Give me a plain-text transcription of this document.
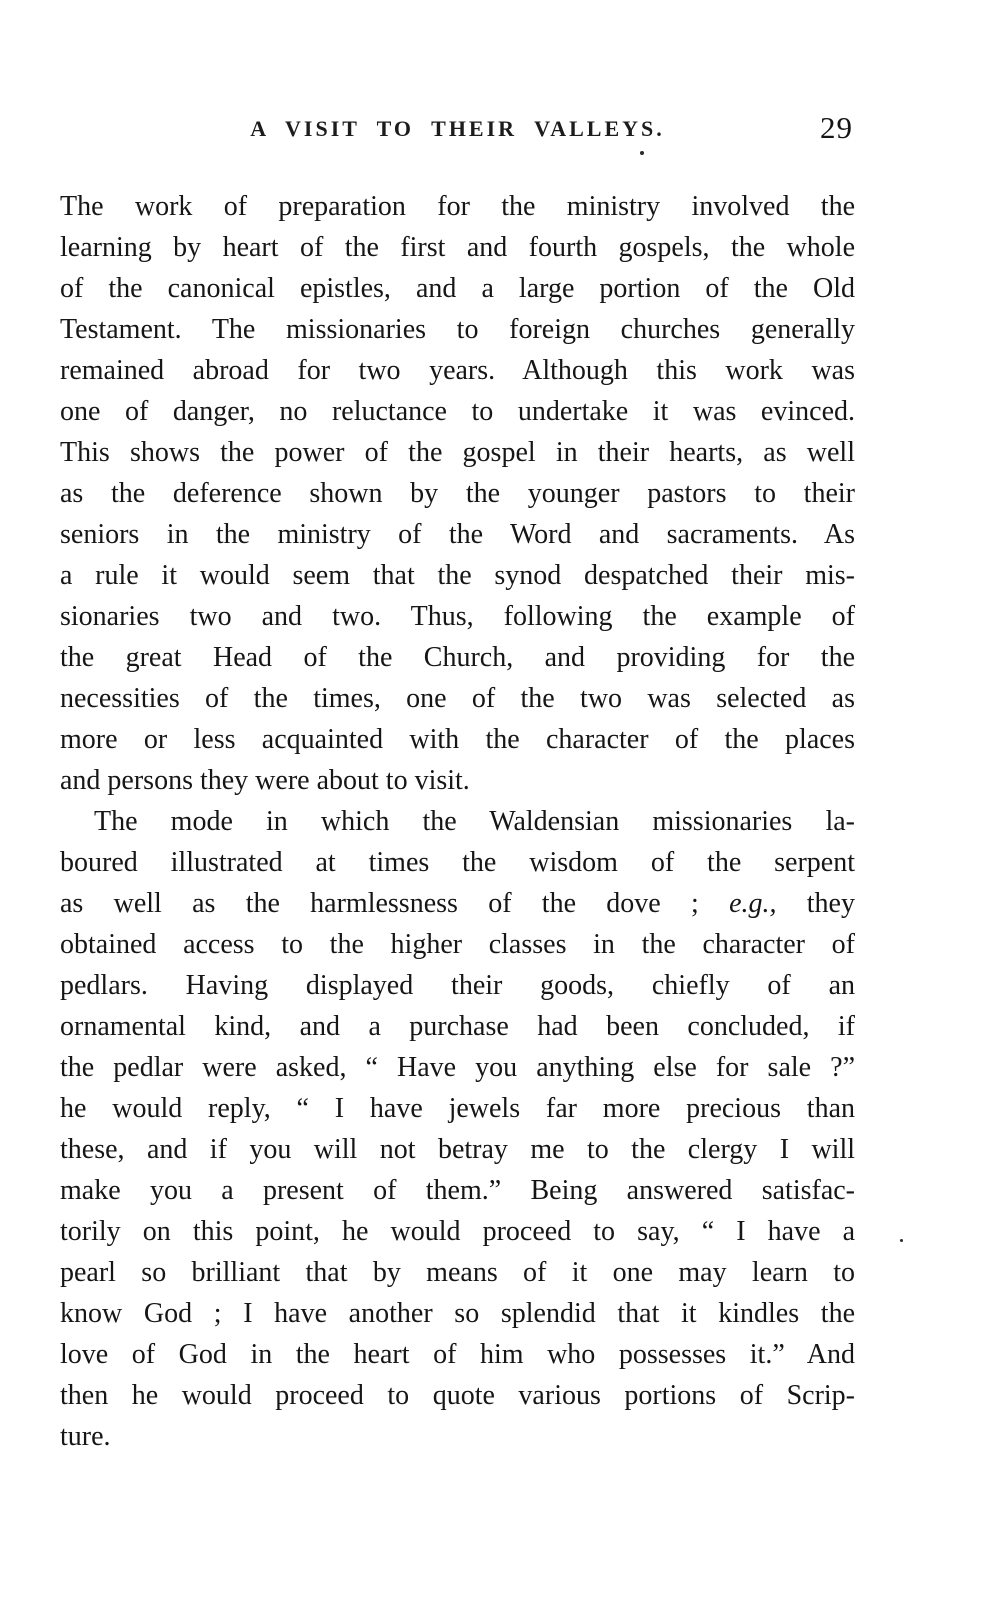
A VISIT TO THEIR VALLEYS.	29
The work of preparation for the ministry involved the
learning by heart of the first and fourth gospels, the whole
of the canonical epistles, and a large portion of the Old
Testament. The missionaries to foreign churches generally
remained abroad for two years. Although this work was
one of danger, no reluctance to undertake it was evinced.
This shows the power of the gospel in their hearts, as well
as the deference shown by the younger pastors to their
seniors in the ministry of the Word and sacraments. As
a rule it would seem that the synod despatched their mis-
sionaries two and two. Thus, following the example of
the great Head of the Church, and providing for the
necessities of the times, one of the two was selected as
more or less acquainted with the character of the places
and persons they were about to visit.
The mode in which the Waldensian missionaries la-
boured illustrated at times the wisdom of the serpent
as well as the harmlessness of the dove ; e.g., they
obtained access to the higher classes in the character of
pedlars. Having displayed their goods, chiefly of an
ornamental kind, and a purchase had been concluded, if
the pedlar were asked, “ Have you anything else for sale ?”
he would reply, “ I have jewels far more precious than
these, and if you will not betray me to the clergy I will
make you a present of them.” Being answered satisfac-
torily on this point, he would proceed to say, “ I have a
pearl so brilliant that by means of it one may learn to
know God ; I have another so splendid that it kindles the
love of God in the heart of him who possesses it.” And
then he would proceed to quote various portions of Scrip-
ture.
